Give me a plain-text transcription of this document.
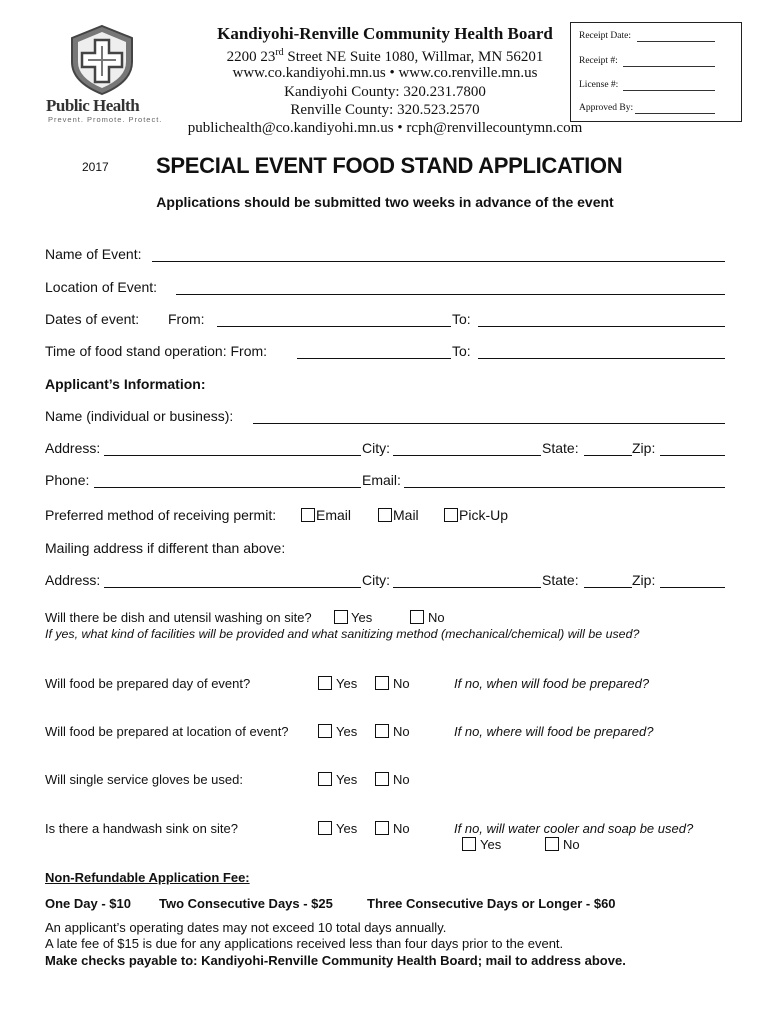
Public Health
Prevent. Promote. Protect.
Kandiyohi-Renville Community Health Board
2200 23rd Street NE Suite 1080, Willmar, MN 56201
www.co.kandiyohi.mn.us • www.co.renville.mn.us
Kandiyohi County: 320.231.7800
Renville County: 320.523.2570
publichealth@co.kandiyohi.mn.us • rcph@renvillecountymn.com
Receipt Date:
Receipt #:
License #:
Approved By:
2017 SPECIAL EVENT FOOD STAND APPLICATION
Applications should be submitted two weeks in advance of the event
Name of Event:
Location of Event:
Dates of event: From:	To:
Time of food stand operation: From:	To:
Applicant’s Information:
Name (individual or business):
Address:	City:	State:	Zip:
Phone:	Email:
Preferred method of receiving permit:	Email	Mail	Pick-Up
Mailing address if different than above:
Address:	City:	State:	Zip:
Will there be dish and utensil washing on site?	Yes	No
If yes, what kind of facilities will be provided and what sanitizing method (mechanical/chemical) will be used?
Will food be prepared day of event?	Yes	No	If no, when will food be prepared?
Will food be prepared at location of event?	Yes	No	If no, where will food be prepared?
Will single service gloves be used:	Yes	No
Is there a handwash sink on site?	Yes	No	If no, will water cooler and soap be used?
Yes	No
Non-Refundable Application Fee:
One Day - $10 Two Consecutive Days - $25	Three Consecutive Days or Longer - $60
An applicant’s operating dates may not exceed 10 total days annually.
A late fee of $15 is due for any applications received less than four days prior to the event.
Make checks payable to: Kandiyohi-Renville Community Health Board; mail to address above.
